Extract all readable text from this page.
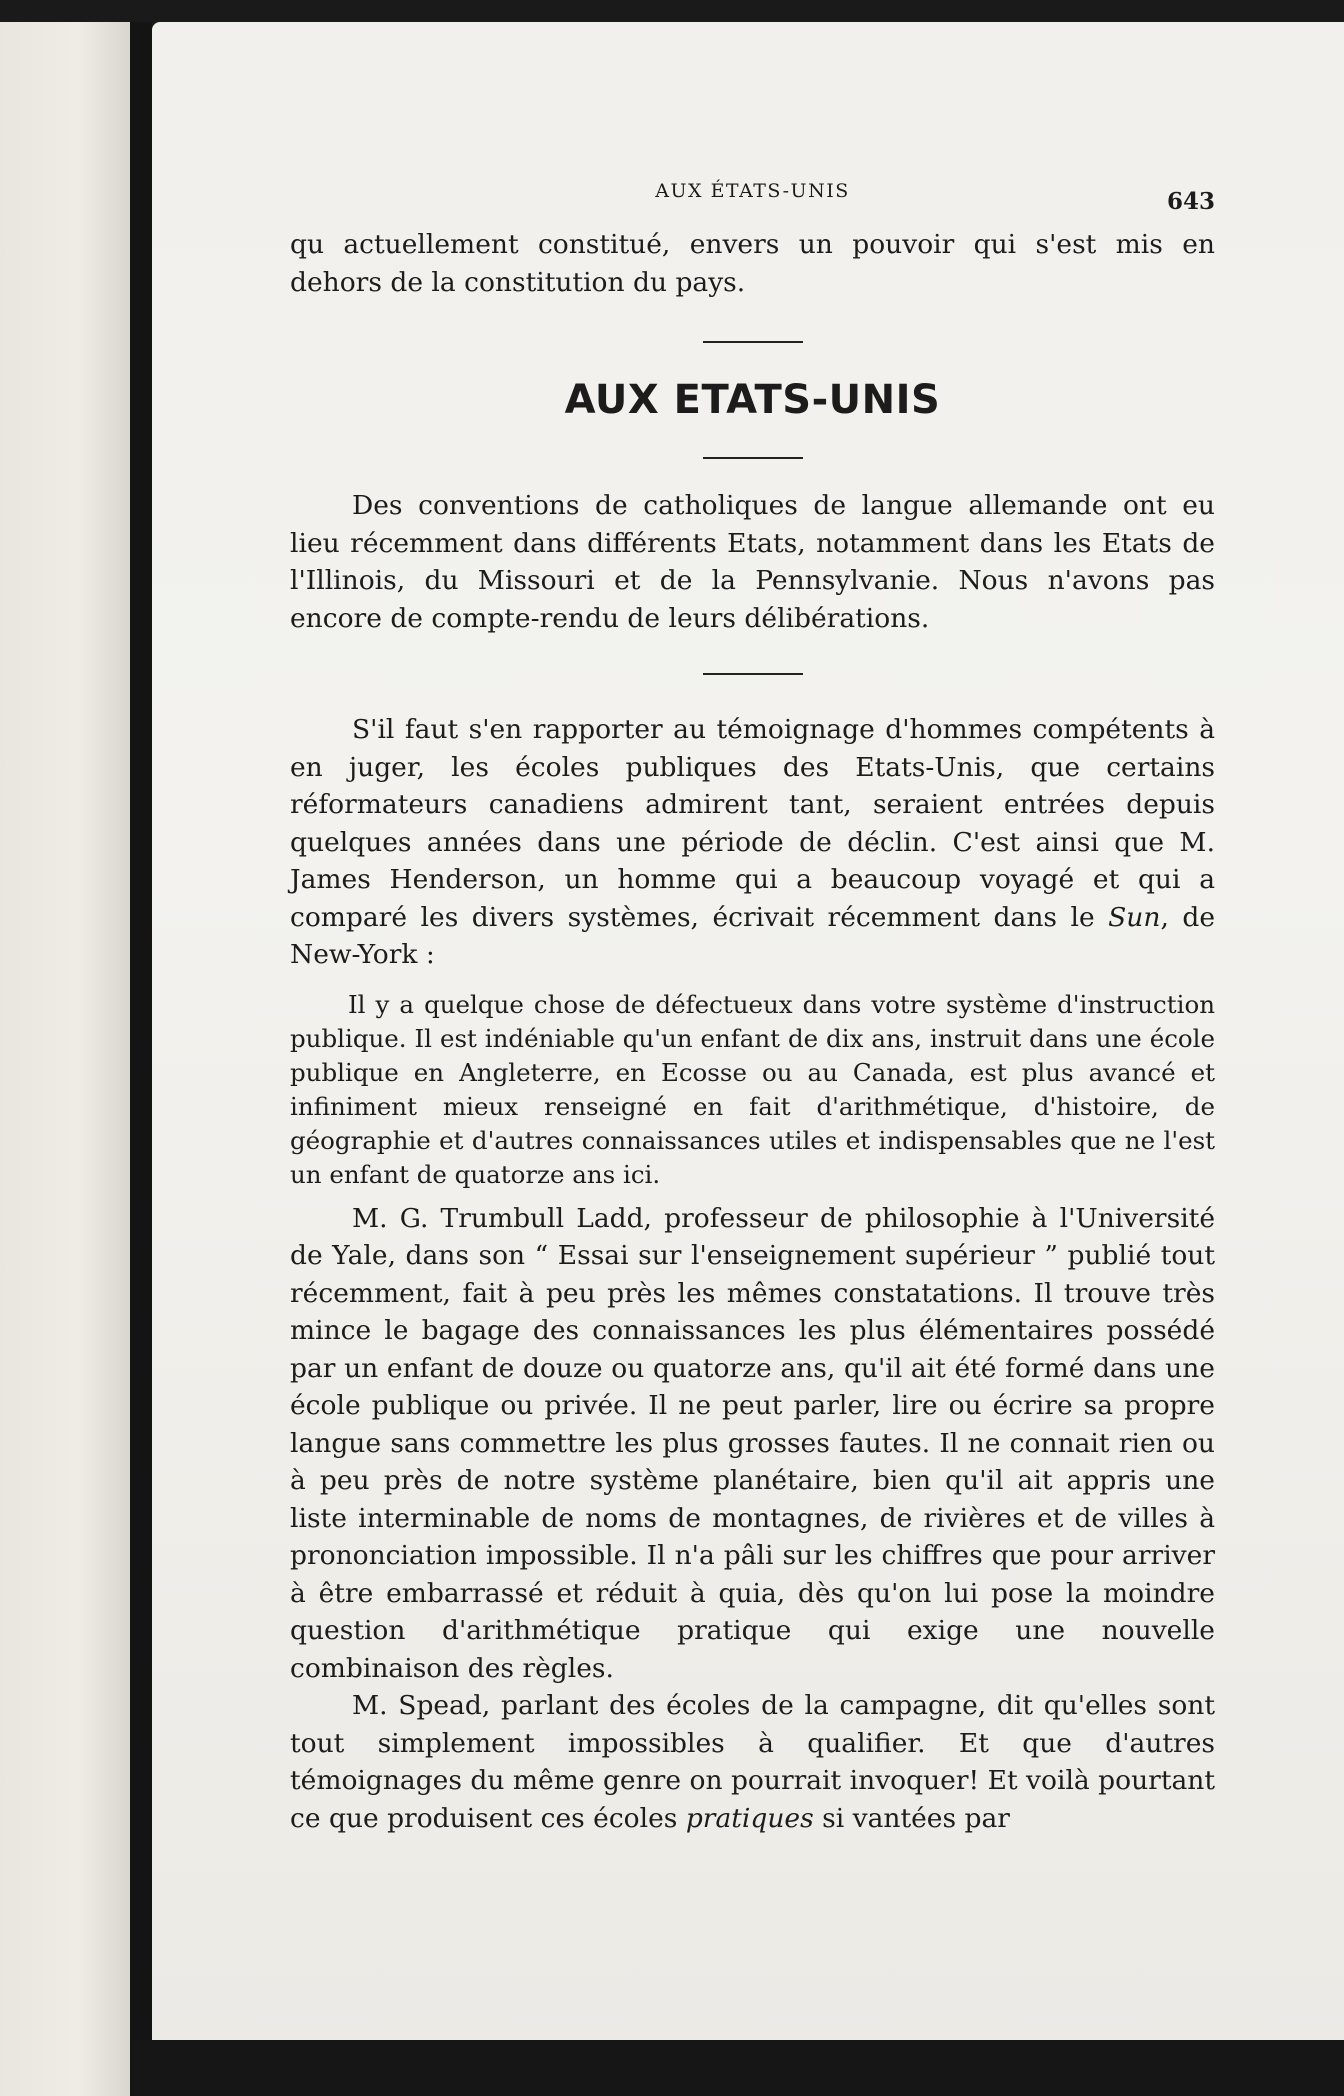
AUX ÉTATS-UNIS	643

qu actuellement constitué, envers un pouvoir qui s'est mis en dehors de la constitution du pays.

AUX ETATS-UNIS

Des conventions de catholiques de langue allemande ont eu lieu récemment dans différents Etats, notamment dans les Etats de l'Illinois, du Missouri et de la Pennsylvanie. Nous n'avons pas encore de compte-rendu de leurs délibérations.

S'il faut s'en rapporter au témoignage d'hommes compétents à en juger, les écoles publiques des Etats-Unis, que certains réformateurs canadiens admirent tant, seraient entrées depuis quelques années dans une période de déclin. C'est ainsi que M. James Henderson, un homme qui a beaucoup voyagé et qui a comparé les divers systèmes, écrivait récemment dans le Sun, de New-York :

Il y a quelque chose de défectueux dans votre système d'instruction publique. Il est indéniable qu'un enfant de dix ans, instruit dans une école publique en Angleterre, en Ecosse ou au Canada, est plus avancé et infiniment mieux renseigné en fait d'arithmétique, d'histoire, de géographie et d'autres connaissances utiles et indispensables que ne l'est un enfant de quatorze ans ici.

M. G. Trumbull Ladd, professeur de philosophie à l'Université de Yale, dans son “ Essai sur l'enseignement supérieur ” publié tout récemment, fait à peu près les mêmes constatations. Il trouve très mince le bagage des connaissances les plus élémentaires possédé par un enfant de douze ou quatorze ans, qu'il ait été formé dans une école publique ou privée. Il ne peut parler, lire ou écrire sa propre langue sans commettre les plus grosses fautes. Il ne connait rien ou à peu près de notre système planétaire, bien qu'il ait appris une liste interminable de noms de montagnes, de rivières et de villes à prononciation impossible. Il n'a pâli sur les chiffres que pour arriver à être embarrassé et réduit à quia, dès qu'on lui pose la moindre question d'arithmétique pratique qui exige une nouvelle combinaison des règles.

M. Spead, parlant des écoles de la campagne, dit qu'elles sont tout simplement impossibles à qualifier. Et que d'autres témoignages du même genre on pourrait invoquer! Et voilà pourtant ce que produisent ces écoles pratiques si vantées par
